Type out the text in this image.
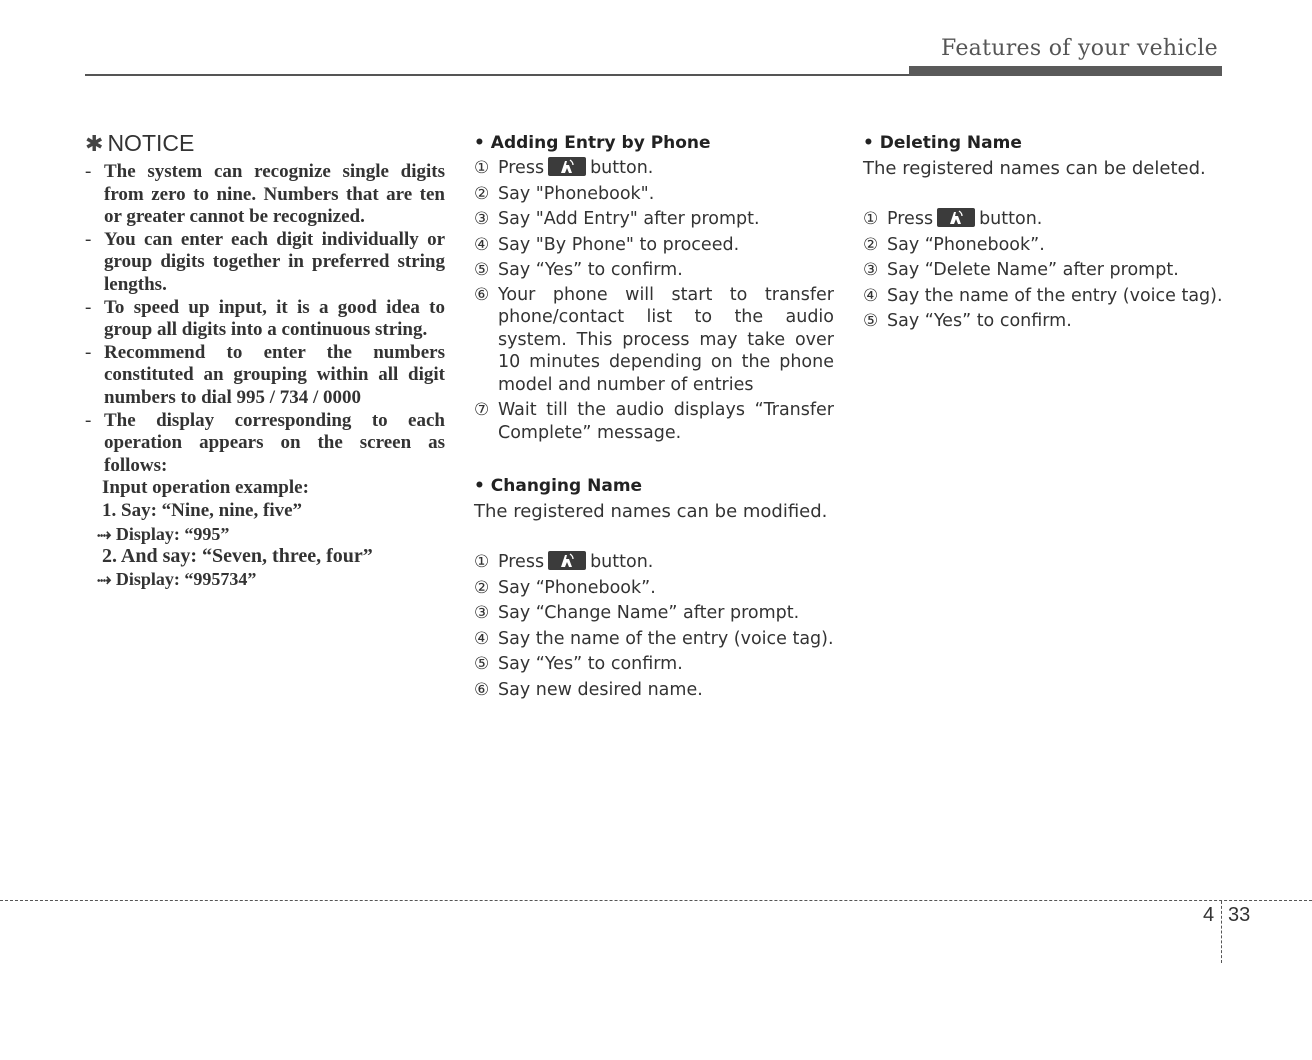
Features of your vehicle
✱ NOTICE
- The system can recognize single digits from zero to nine. Numbers that are ten or greater cannot be recognized.
- You can enter each digit individually or group digits together in preferred string lengths.
- To speed up input, it is a good idea to group all digits into a continuous string.
- Recommend to enter the numbers constituted an grouping within all digit numbers to dial 995 / 734 / 0000
- The display corresponding to each operation appears on the screen as follows:
Input operation example:
1. Say: “Nine, nine, five”
⤑ Display: “995”
2. And say: “Seven, three, four”
⤑ Display: “995734”

• Adding Entry by Phone

① Press	button.
② Say "Phonebook".
③ Say "Add Entry" after prompt.
④ Say "By Phone" to proceed.
⑤ Say “Yes” to confirm.
⑥ Your phone will start to transfer phone/contact list to the audio system. This process may take over 10 minutes depending on the phone model and number of entries
⑦ Wait till the audio displays “Transfer Complete” message.

• Changing Name

The registered names can be modified.

① Press	button.
② Say “Phonebook”.
③ Say “Change Name” after prompt.
④ Say the name of the entry (voice tag).
⑤ Say “Yes” to confirm.
⑥ Say new desired name.

• Deleting Name

The registered names can be deleted.

① Press	button.
② Say “Phonebook”.
③ Say “Delete Name” after prompt.
④ Say the name of the entry (voice tag).
⑤ Say “Yes” to confirm.
4 33
